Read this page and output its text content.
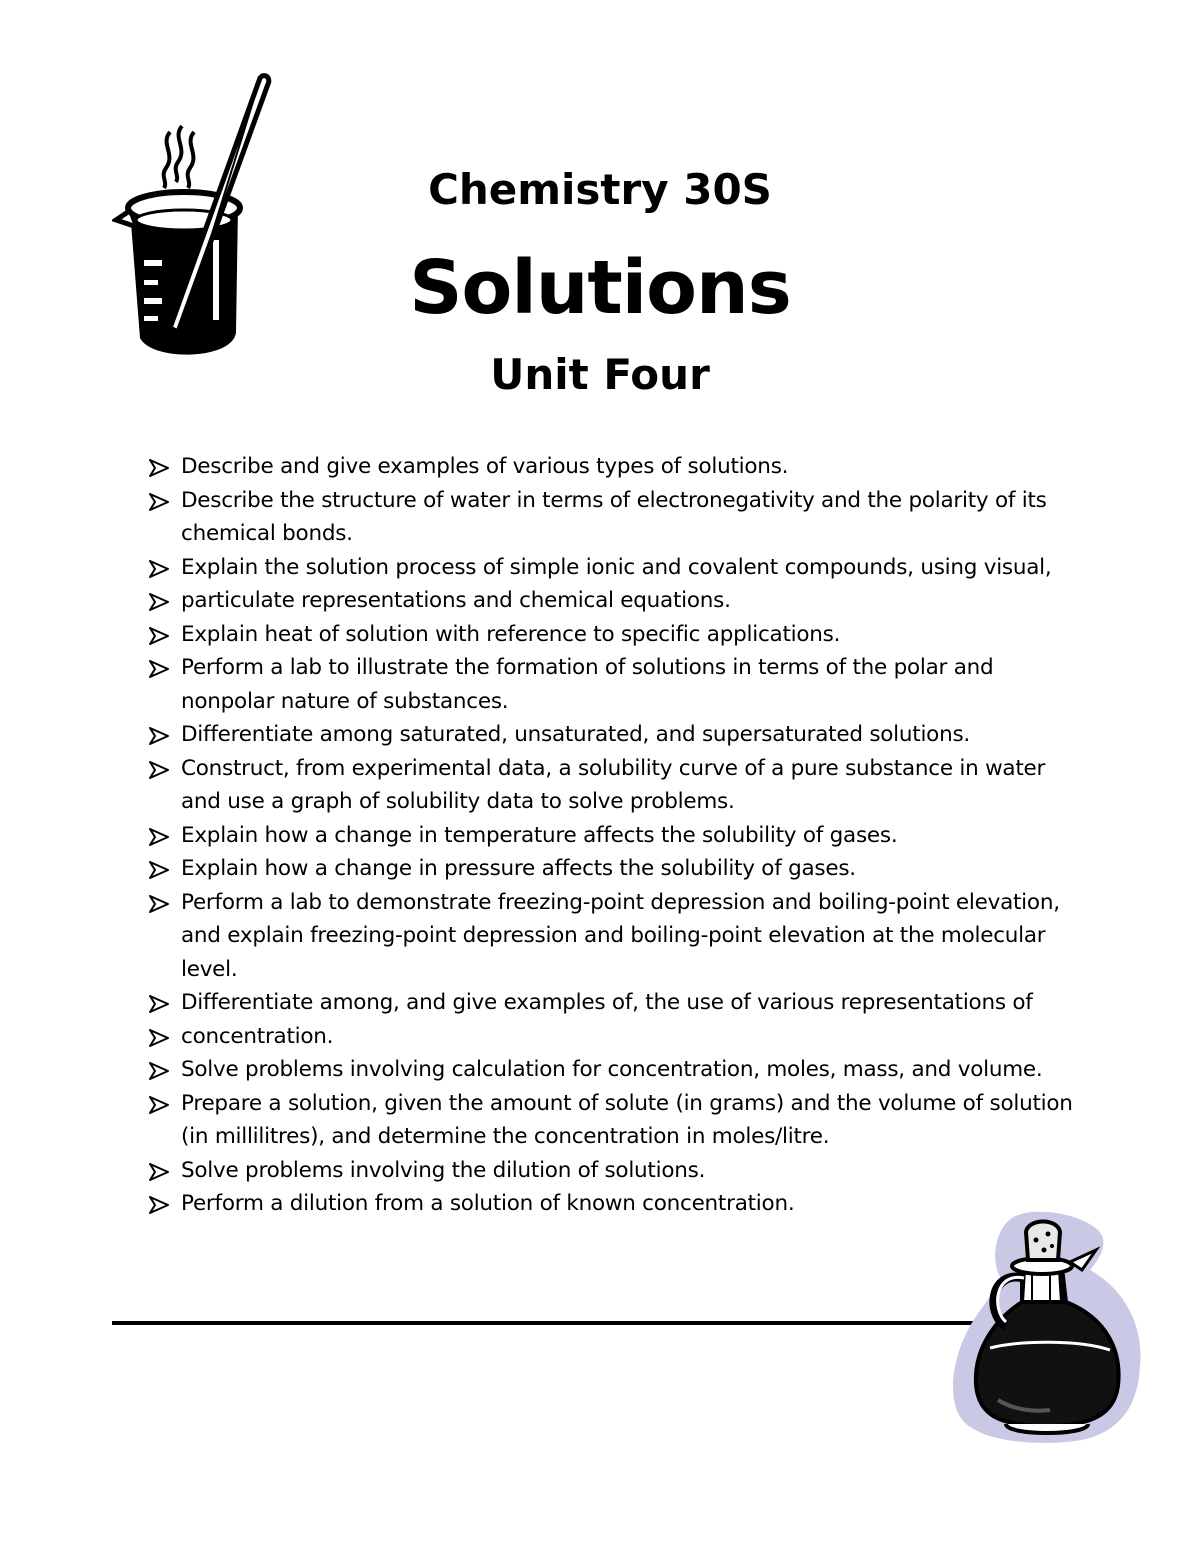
Chemistry 30S
Solutions
Unit Four
Describe and give examples of various types of solutions.
Describe the structure of water in terms of electronegativity and the polarity of its chemical bonds.
Explain the solution process of simple ionic and covalent compounds, using visual,
particulate representations and chemical equations.
Explain heat of solution with reference to specific applications.
Perform a lab to illustrate the formation of solutions in terms of the polar and nonpolar nature of substances.
Differentiate among saturated, unsaturated, and supersaturated solutions.
Construct, from experimental data, a solubility curve of a pure substance in water and use a graph of solubility data to solve problems.
Explain how a change in temperature affects the solubility of gases.
Explain how a change in pressure affects the solubility of gases.
Perform a lab to demonstrate freezing-point depression and boiling-point elevation, and explain freezing-point depression and boiling-point elevation at the molecular level.
Differentiate among, and give examples of, the use of various representations of
concentration.
Solve problems involving calculation for concentration, moles, mass, and volume.
Prepare a solution, given the amount of solute (in grams) and the volume of solution (in millilitres), and determine the concentration in moles/litre.
Solve problems involving the dilution of solutions.
Perform a dilution from a solution of known concentration.
